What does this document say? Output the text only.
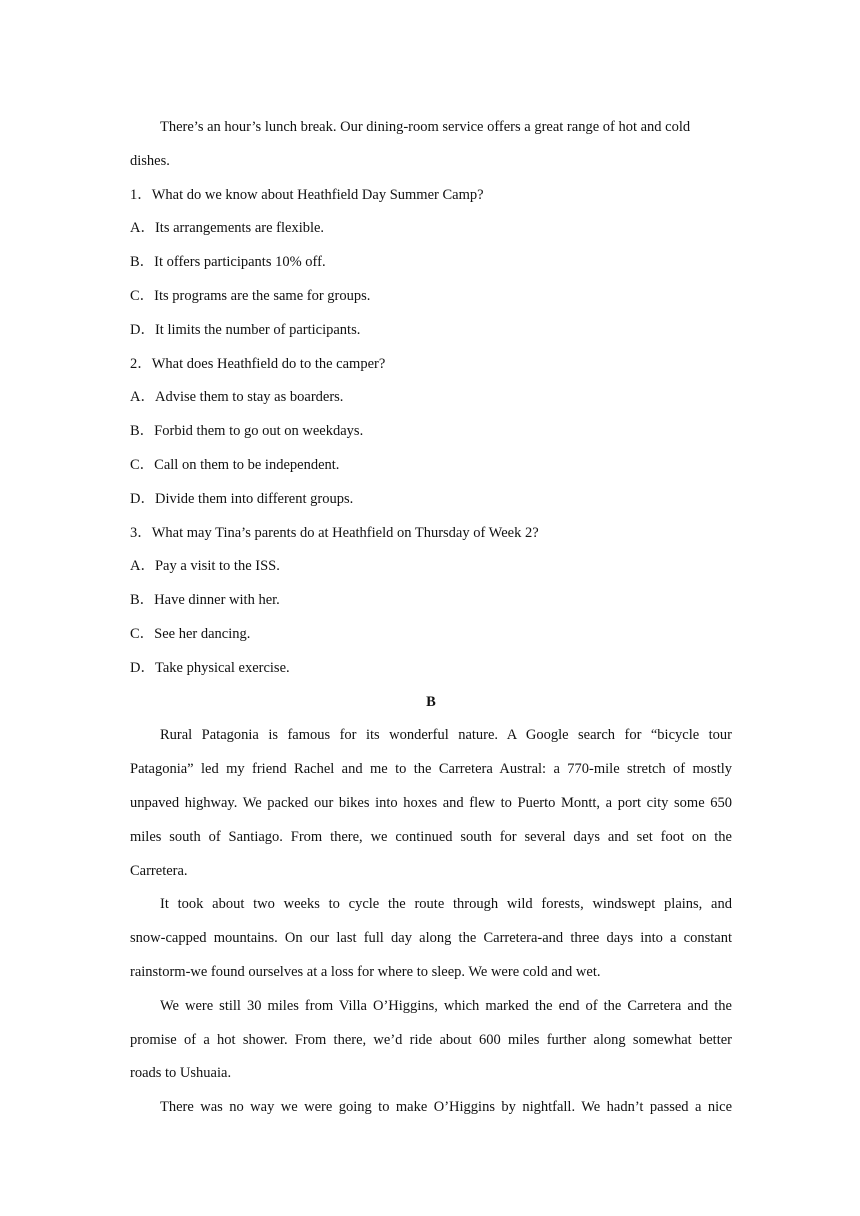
There’s an hour’s lunch break. Our dining-room service offers a great range of hot and cold
dishes.
1．What do we know about Heathfield Day Summer Camp?
A．Its arrangements are flexible.
B．It offers participants 10% off.
C．Its programs are the same for groups.
D．It limits the number of participants.
2．What does Heathfield do to the camper?
A．Advise them to stay as boarders.
B．Forbid them to go out on weekdays.
C．Call on them to be independent.
D．Divide them into different groups.
3．What may Tina’s parents do at Heathfield on Thursday of Week 2?
A．Pay a visit to the ISS.
B．Have dinner with her.
C．See her dancing.
D．Take physical exercise.
B
Rural Patagonia is famous for its wonderful nature. A Google search for “bicycle tour
Patagonia” led my friend Rachel and me to the Carretera Austral: a 770-mile stretch of mostly
unpaved highway. We packed our bikes into hoxes and flew to Puerto Montt, a port city some 650
miles south of Santiago. From there, we continued south for several days and set foot on the
Carretera.
It took about two weeks to cycle the route through wild forests, windswept plains, and
snow-capped mountains. On our last full day along the Carretera-and three days into a constant
rainstorm-we found ourselves at a loss for where to sleep. We were cold and wet.
We were still 30 miles from Villa O’Higgins, which marked the end of the Carretera and the
promise of a hot shower. From there, we’d ride about 600 miles further along somewhat better
roads to Ushuaia.
There was no way we were going to make O’Higgins by nightfall. We hadn’t passed a nice
